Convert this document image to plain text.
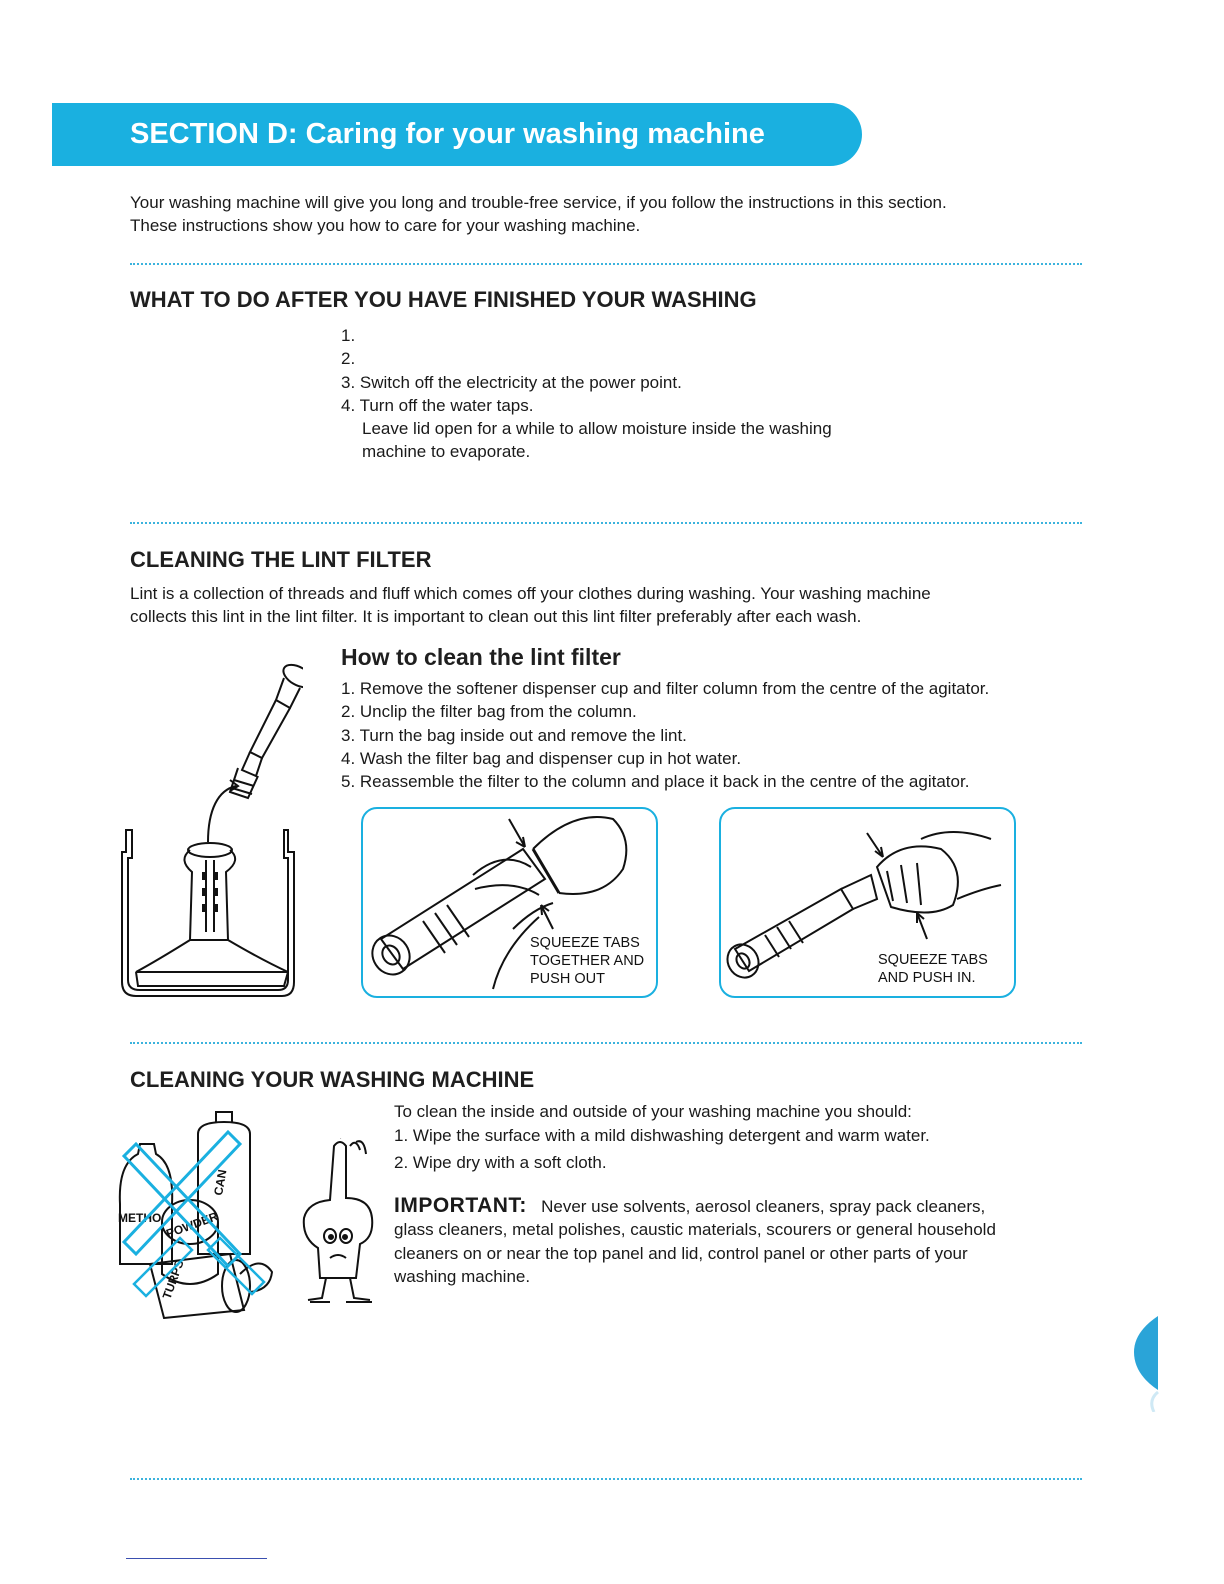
SECTION D: Caring for your washing machine
Your washing machine will give you long and trouble-free service, if you follow the instructions in this section.
These instructions show you how to care for your washing machine.
WHAT TO DO AFTER YOU HAVE FINISHED YOUR WASHING
1.
2.
3. Switch off the electricity at the power point.
4. Turn off the water taps.
Leave lid open for a while to allow moisture inside the washing
machine to evaporate.
CLEANING THE LINT FILTER
Lint is a collection of threads and fluff which comes off your clothes during washing. Your washing machine
collects this lint in the lint filter. It is important to clean out this lint filter preferably after each wash.
How to clean the lint filter
1. Remove the softener dispenser cup and filter column from the centre of the agitator.
2. Unclip the filter bag from the column.
3. Turn the bag inside out and remove the lint.
4. Wash the filter bag and dispenser cup in hot water.
5. Reassemble the filter to the column and place it back in the centre of the agitator.
SQUEEZE TABS
TOGETHER AND
PUSH OUT
SQUEEZE TABS
AND PUSH IN.
CLEANING YOUR WASHING MACHINE
To clean the inside and outside of your washing machine you should:
1. Wipe the surface with a mild dishwashing detergent and warm water.
2. Wipe dry with a soft cloth.
IMPORTANT: Never use solvents, aerosol cleaners, spray pack cleaners,
glass cleaners, metal polishes, caustic materials, scourers or general household
cleaners on or near the top panel and lid, control panel or other parts of your
washing machine.
METHO POWDER
TURPS
CAN
